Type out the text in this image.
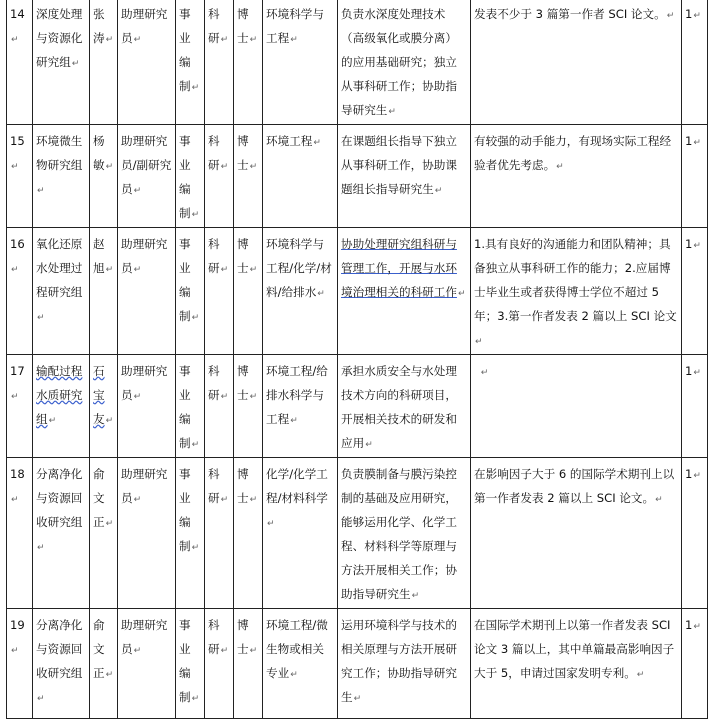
14↵	深度处理与资源化研究组↵	张涛↵	助理研究员↵	事业编制↵	科研↵	博士↵	环境科学与工程↵	负责水深度处理技术（高级氧化或膜分离）的应用基础研究；独立从事科研工作；协助指导研究生↵	发表不少于 3 篇第一作者 SCI 论文。↵	1↵
15↵	环境微生物研究组↵	杨敏↵	助理研究员/副研究员↵	事业编制↵	科研↵	博士↵	环境工程↵	在课题组长指导下独立从事科研工作，协助课题组长指导研究生↵	有较强的动手能力，有现场实际工程经验者优先考虑。↵	1↵
16↵	氧化还原水处理过程研究组↵	赵旭↵	助理研究员↵	事业编制↵	科研↵	博士↵	环境科学与工程/化学/材料/给排水↵	协助处理研究组科研与管理工作，开展与水环境治理相关的科研工作↵	1.具有良好的沟通能力和团队精神；具备独立从事科研工作的能力；2.应届博士毕业生或者获得博士学位不超过 5 年；3.第一作者发表 2 篇以上 SCI 论文↵	1↵
17↵	输配过程水质研究组↵	石宝友↵	助理研究员↵	事业编制↵	科研↵	博士↵	环境工程/给排水科学与工程↵	承担水质安全与水处理技术方向的科研项目，开展相关技术的研发和应用↵	↵	1↵
18↵	分离净化与资源回收研究组↵	俞文正↵	助理研究员↵	事业编制↵	科研↵	博士↵	化学/化学工程/材料科学↵	负责膜制备与膜污染控制的基础及应用研究，能够运用化学、化学工程、材料科学等原理与方法开展相关工作；协助指导研究生↵	在影响因子大于 6 的国际学术期刊上以第一作者发表 2 篇以上 SCI 论文。↵	1↵
19↵	分离净化与资源回收研究组↵	俞文正↵	助理研究员↵	事业编制↵	科研↵	博士↵	环境工程/微生物或相关专业↵	运用环境科学与技术的相关原理与方法开展研究工作；协助指导研究生↵	在国际学术期刊上以第一作者发表 SCI 论文 3 篇以上，其中单篇最高影响因子大于 5，申请过国家发明专利。↵	1↵
